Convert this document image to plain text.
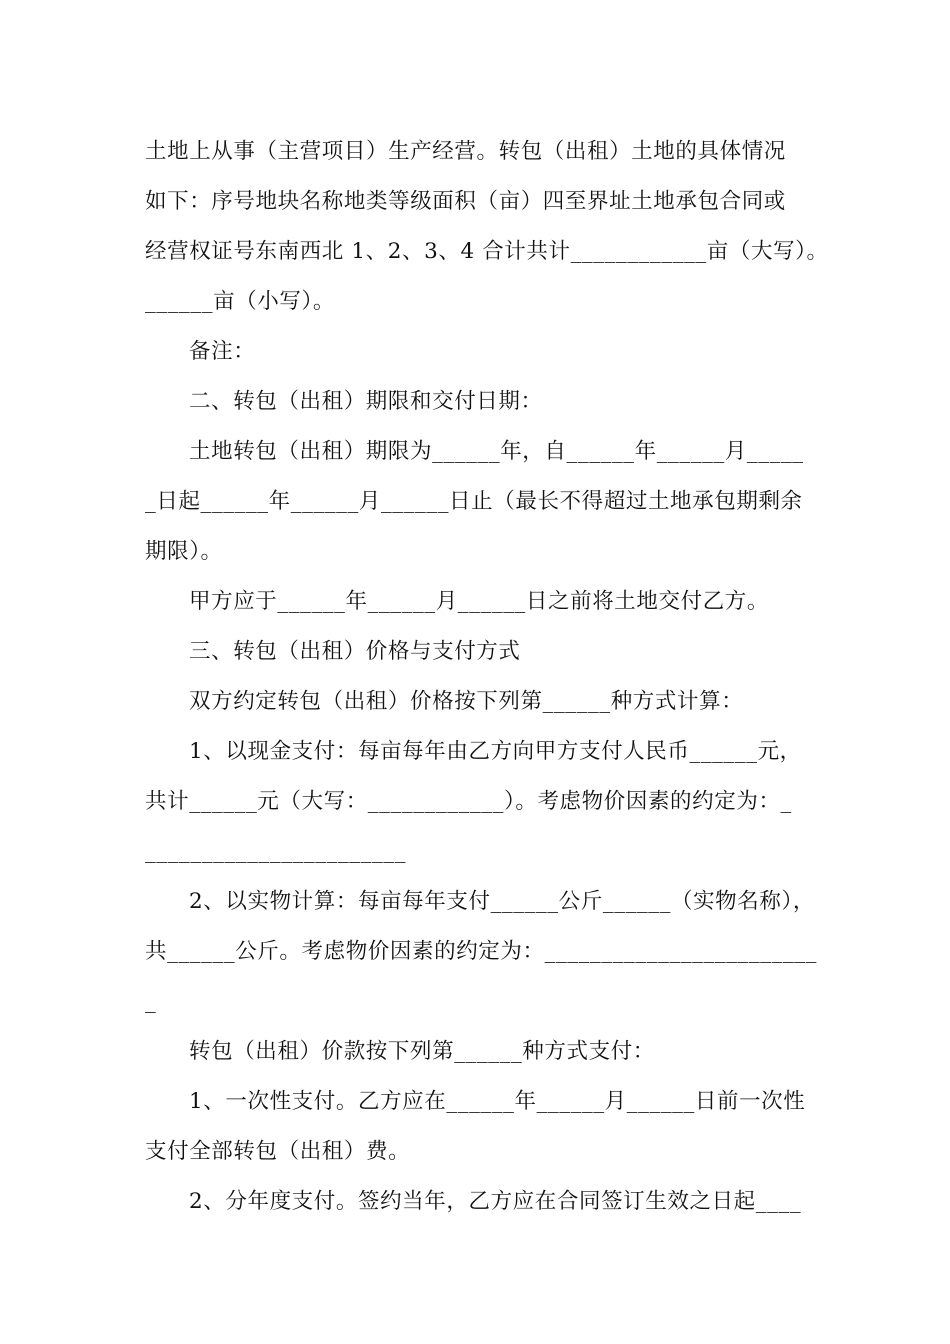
土地上从事（主营项目）生产经营。转包（出租）土地的具体情况
如下：序号地块名称地类等级面积（亩）四至界址土地承包合同或
经营权证号东南西北 1、2、3、4 合计共计____________亩（大写）。
______亩（小写）。
备注：
二、转包（出租）期限和交付日期：
土地转包（出租）期限为______年，自______年______月_____
_日起______年______月______日止（最长不得超过土地承包期剩余
期限）。
甲方应于______年______月______日之前将土地交付乙方。
三、转包（出租）价格与支付方式
双方约定转包（出租）价格按下列第______种方式计算：
1、以现金支付：每亩每年由乙方向甲方支付人民币______元，
共计______元（大写：____________）。考虑物价因素的约定为：_
_______________________
2、以实物计算：每亩每年支付______公斤______（实物名称），
共______公斤。考虑物价因素的约定为：________________________
_
转包（出租）价款按下列第______种方式支付：
1、一次性支付。乙方应在______年______月______日前一次性
支付全部转包（出租）费。
2、分年度支付。签约当年，乙方应在合同签订生效之日起____
